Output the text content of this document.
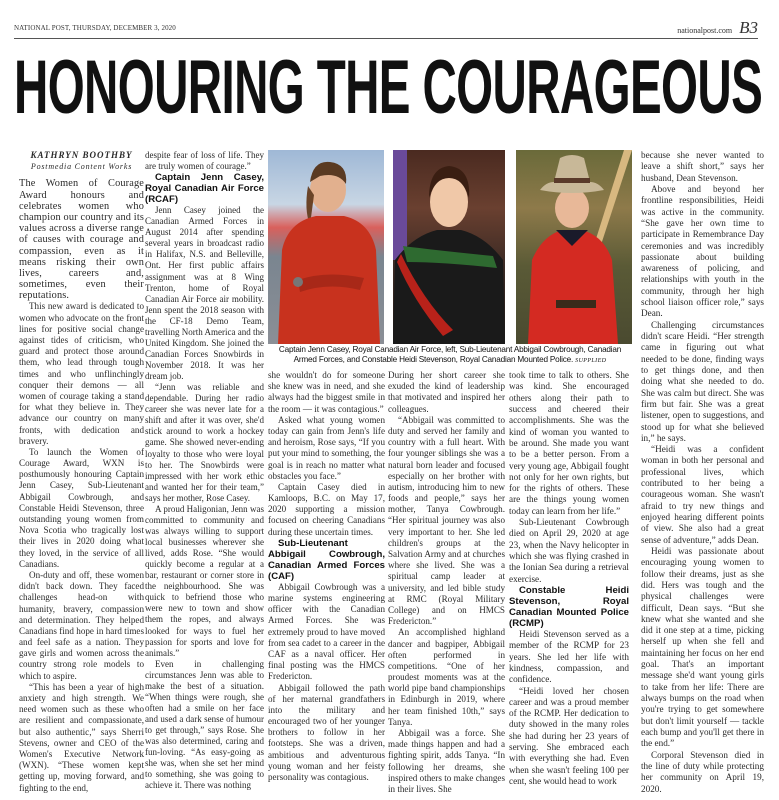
NATIONAL POST, THURSDAY, DECEMBER 3, 2020	nationalpost.com B3
HONOURING THE COURAGEOUS
KATHRYN BOOTHBY
Postmedia Content Works

The Women of Courage Award honours and celebrates women who champion our country and its values across a diverse range of causes with courage and compassion, even as it means risking their own lives, careers and, sometimes, even their reputations.

This new award is dedicated to women who advocate on the front lines for positive social change against tides of criticism, who guard and protect those around them, who lead through tough times and who unflinchingly conquer their demons — all women of courage taking a stand for what they believe in. They advance our country on many fronts, with dedication and bravery.

To launch the Women of Courage Award, WXN is posthumously honouring Captain Jenn Casey, Sub-Lieutenant Abbigail Cowbrough, and Constable Heidi Stevenson, three outstanding young women from Nova Scotia who tragically lost their lives in 2020 doing what they loved, in the service of all Canadians.

On-duty and off, these women didn't back down. They faced challenges head-on with humanity, bravery, compassion and determination. They helped Canadians find hope in hard times and feel safe as a nation. They gave girls and women across the country strong role models to which to aspire.

“This has been a year of high anxiety and high strength. We need women such as these who are resilient and compassionate, but also authentic,” says Sherri Stevens, owner and CEO of the Women's Executive Network (WXN). “These women kept getting up, moving forward, and fighting to the end,

despite fear of loss of life. They are truly women of courage.”

Captain Jenn Casey, Royal Canadian Air Force (RCAF)

Jenn Casey joined the Canadian Armed Forces in August 2014 after spending several years in broadcast radio in Halifax, N.S. and Belleville, Ont. Her first public affairs assignment was at 8 Wing Trenton, home of Royal Canadian Air Force air mobility. Jenn spent the 2018 season with the CF-18 Demo Team, travelling North America and the United Kingdom. She joined the Canadian Forces Snowbirds in November 2018. It was her dream job.

“Jenn was reliable and dependable. During her radio career she was never late for a shift and after it was over, she'd stick around to work a hockey game. She showed never-ending loyalty to those who were loyal to her. The Snowbirds were impressed with her work ethic and wanted her for their team,” says her mother, Rose Casey.

A proud Haligonian, Jenn was committed to community and was always willing to support local businesses wherever she lived, adds Rose. “She would quickly become a regular at a bar, restaurant or corner store in the neighbourhood. She was quick to befriend those who were new to town and show them the ropes, and always looked for ways to fuel her passion for sports and love for animals.”

Even in challenging circumstances Jenn was able to make the best of a situation. “When things were rough, she often had a smile on her face and used a dark sense of humour to get through,” says Rose. She was also determined, caring and fun-loving. “As easy-going as she was, when she set her mind to something, she was going to achieve it. There was nothing

Captain Jenn Casey, Royal Canadian Air Force, left, Sub-Lieutenant Abbigail Cowbrough, Canadian Armed Forces, and Constable Heidi Stevenson, Royal Canadian Mounted Police. SUPPLIED

she wouldn't do for someone she knew was in need, and she always had the biggest smile in the room — it was contagious.”

Asked what young women today can gain from Jenn's life and heroism, Rose says, “If you put your mind to something, the goal is in reach no matter what obstacles you face.”

Captain Casey died in Kamloops, B.C. on May 17, 2020 supporting a mission focused on cheering Canadians during these uncertain times.

Sub-Lieutenant Abbigail Cowbrough, Canadian Armed Forces (CAF)

Abbigail Cowbrough was a marine systems engineering officer with the Canadian Armed Forces. She was extremely proud to have moved from sea cadet to a career in the CAF as a naval officer. Her final posting was the HMCS Fredericton.

Abbigail followed the path of her maternal grandfathers into the military and encouraged two of her younger brothers to follow in her footsteps. She was a driven, ambitious and adventurous young woman and her feisty personality was contagious.

During her short career she exuded the kind of leadership that motivated and inspired her colleagues.

“Abbigail was committed to duty and served her family and country with a full heart. With four younger siblings she was a natural born leader and focused especially on her brother with autism, introducing him to new foods and people,” says her mother, Tanya Cowbrough. “Her spiritual journey was also very important to her. She led children's groups at the Salvation Army and at churches where she lived. She was a spiritual camp leader at university, and led bible study at RMC (Royal Military College) and on HMCS Fredericton.”

An accomplished highland dancer and bagpiper, Abbigail often performed in competitions. “One of her proudest moments was at the world pipe band championships in Edinburgh in 2019, where her team finished 10th,” says Tanya.

Abbigail was a force. She made things happen and had a fighting spirit, adds Tanya. “In following her dreams, she inspired others to make changes in their lives. She

took time to talk to others. She was kind. She encouraged others along their path to success and cheered their accomplishments. She was the kind of woman you wanted to be around. She made you want to be a better person. From a very young age, Abbigail fought not only for her own rights, but for the rights of others. These are the things young women today can learn from her life.”

Sub-Lieutenant Cowbrough died on April 29, 2020 at age 23, when the Navy helicopter in which she was flying crashed in the Ionian Sea during a retrieval exercise.

Constable Heidi Stevenson, Royal Canadian Mounted Police (RCMP)

Heidi Stevenson served as a member of the RCMP for 23 years. She led her life with kindness, compassion, and confidence.

“Heidi loved her chosen career and was a proud member of the RCMP. Her dedication to duty showed in the many roles she had during her 23 years of serving. She embraced each with everything she had. Even when she wasn't feeling 100 per cent, she would head to work

because she never wanted to leave a shift short,” says her husband, Dean Stevenson.

Above and beyond her frontline responsibilities, Heidi was active in the community. “She gave her own time to participate in Remembrance Day ceremonies and was incredibly passionate about building awareness of policing, and relationships with youth in the community, through her high school liaison officer role,” says Dean.

Challenging circumstances didn't scare Heidi. “Her strength came in figuring out what needed to be done, finding ways to get things done, and then doing what she needed to do. She was calm but direct. She was firm but fair. She was a great listener, open to suggestions, and stood up for what she believed in,” he says.

“Heidi was a confident woman in both her personal and professional lives, which contributed to her being a courageous woman. She wasn't afraid to try new things and enjoyed hearing different points of view. She also had a great sense of adventure,” adds Dean.

Heidi was passionate about encouraging young women to follow their dreams, just as she did. Hers was tough and the physical challenges were difficult, Dean says. “But she knew what she wanted and she did it one step at a time, picking herself up when she fell and maintaining her focus on her end goal. That's an important message she'd want young girls to take from her life: There are always bumps on the road when you're trying to get somewhere but don't limit yourself — tackle each bump and you'll get there in the end.”

Corporal Stevenson died in the line of duty while protecting her community on April 19, 2020.
